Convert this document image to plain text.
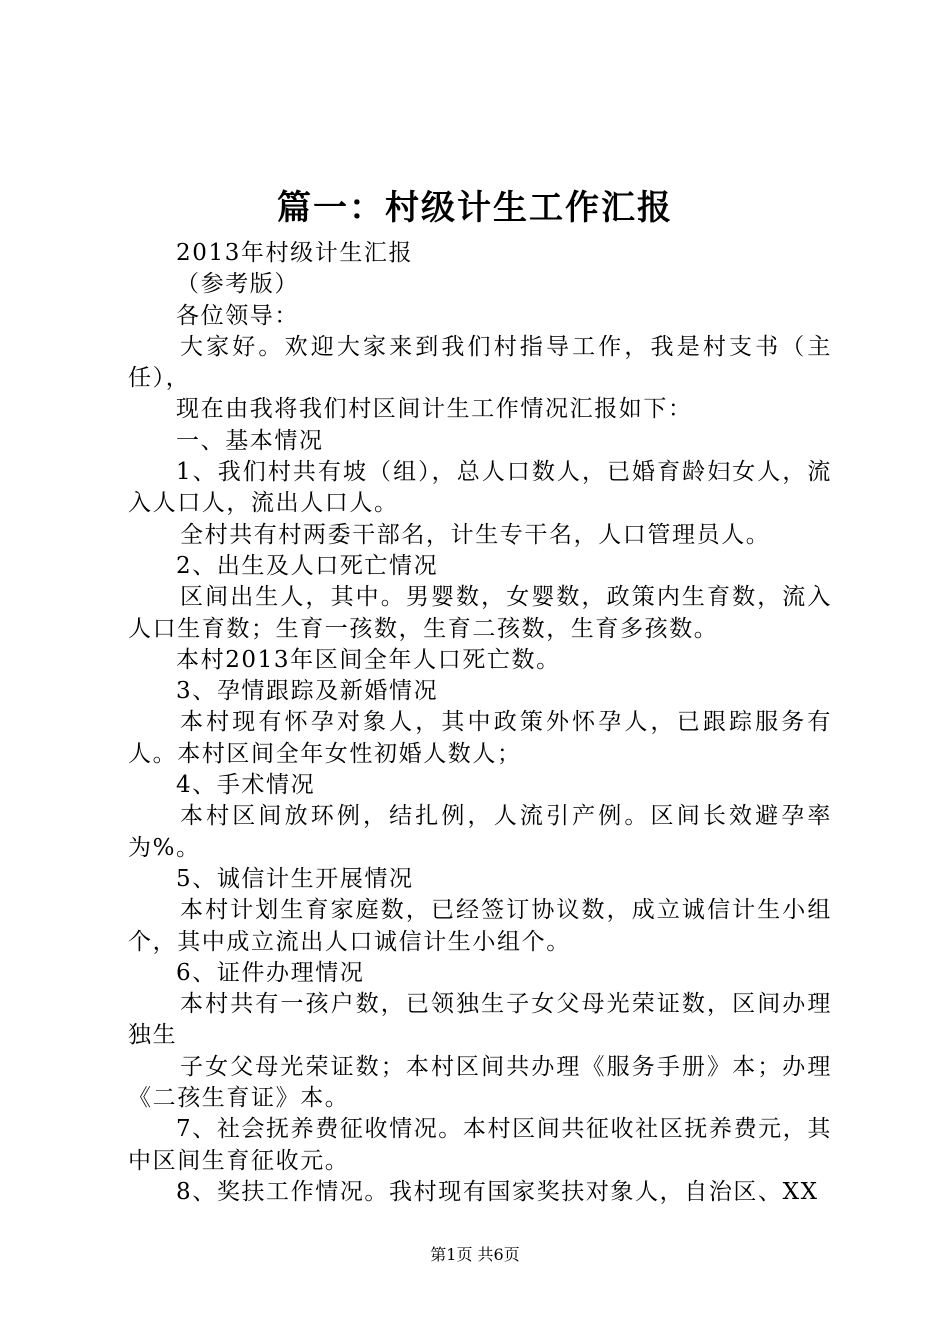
篇一：村级计生工作汇报

2013年村级计生汇报

（参考版）

各位领导：

大家好。欢迎大家来到我们村指导工作，我是村支书（主任），

现在由我将我们村区间计生工作情况汇报如下：

一、基本情况

1、我们村共有坡（组），总人口数人，已婚育龄妇女人，流入人口人，流出人口人。

全村共有村两委干部名，计生专干名，人口管理员人。

2、出生及人口死亡情况

区间出生人，其中。男婴数，女婴数，政策内生育数，流入人口生育数；生育一孩数，生育二孩数，生育多孩数。

本村2013年区间全年人口死亡数。

3、孕情跟踪及新婚情况

本村现有怀孕对象人，其中政策外怀孕人，已跟踪服务有人。本村区间全年女性初婚人数人；

4、手术情况

本村区间放环例，结扎例，人流引产例。区间长效避孕率为%。

5、诚信计生开展情况

本村计划生育家庭数，已经签订协议数，成立诚信计生小组个，其中成立流出人口诚信计生小组个。

6、证件办理情况

本村共有一孩户数，已领独生子女父母光荣证数，区间办理独生

子女父母光荣证数；本村区间共办理《服务手册》本；办理《二孩生育证》本。

7、社会抚养费征收情况。本村区间共征收社区抚养费元，其中区间生育征收元。

8、奖扶工作情况。我村现有国家奖扶对象人，自治区、XX

第1页 共6页
